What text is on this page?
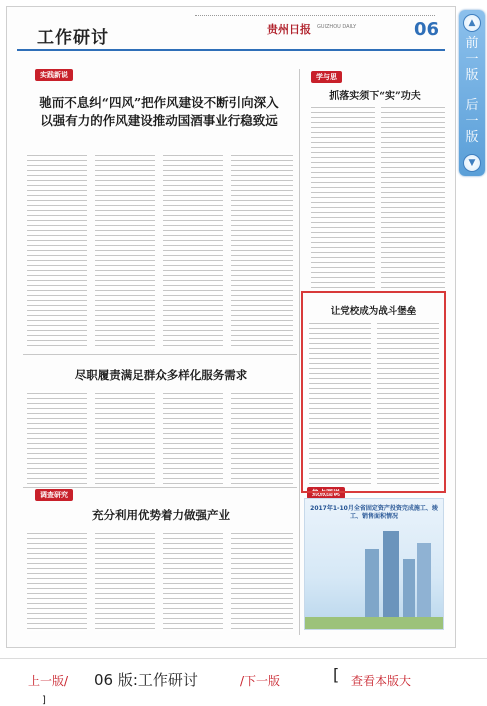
工作研讨	贵州日报 GUIZHOU DAILY	06
实践新说
驰而不息纠“四风”把作风建设不断引向深入
以强有力的作风建设推动国酒事业行稳致远
学与思
抓落实须下“实”功夫
尽职履责满足群众多样化服务需求
调查研究
充分利用优势着力做强产业
热点图说
让党校成为战斗堡垒
2017年1-10月全省固定资产投资完成施工、竣工、销售面积情况
▲
前一版
后一版
▼
上一版/ 06 版:工作研讨	/下一版	[ 查看本版大
]
